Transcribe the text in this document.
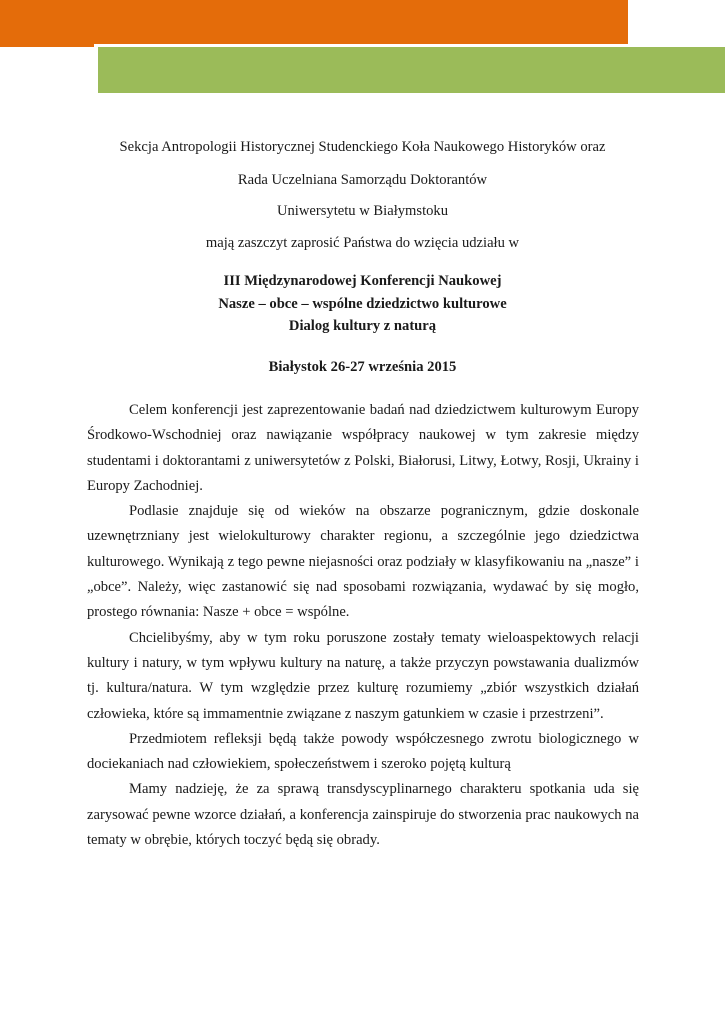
Sekcja Antropologii Historycznej Studenckiego Koła Naukowego Historyków oraz
Rada Uczelniana Samorządu Doktorantów
Uniwersytetu w Białymstoku
mają zaszczyt zaprosić Państwa do wzięcia udziału w
III Międzynarodowej Konferencji Naukowej
Nasze – obce – wspólne dziedzictwo kulturowe
Dialog kultury z naturą
Białystok 26-27 września 2015

Celem konferencji jest zaprezentowanie badań nad dziedzictwem kulturowym Europy Środkowo-Wschodniej oraz nawiązanie współpracy naukowej w tym zakresie między studentami i doktorantami z uniwersytetów z Polski, Białorusi, Litwy, Łotwy, Rosji, Ukrainy i Europy Zachodniej.

Podlasie znajduje się od wieków na obszarze pogranicznym, gdzie doskonale uzewnętrzniany jest wielokulturowy charakter regionu, a szczególnie jego dziedzictwa kulturowego. Wynikają z tego pewne niejasności oraz podziały w klasyfikowaniu na „nasze” i „obce”. Należy, więc zastanowić się nad sposobami rozwiązania, wydawać by się mogło, prostego równania: Nasze + obce = wspólne.

Chcielibyśmy, aby w tym roku poruszone zostały tematy wieloaspektowych relacji kultury i natury, w tym wpływu kultury na naturę, a także przyczyn powstawania dualizmów tj. kultura/natura. W tym względzie przez kulturę rozumiemy „zbiór wszystkich działań człowieka, które są immamentnie związane z naszym gatunkiem w czasie i przestrzeni”.

Przedmiotem refleksji będą także powody współczesnego zwrotu biologicznego w dociekaniach nad człowiekiem, społeczeństwem i szeroko pojętą kulturą

Mamy nadzieję, że za sprawą transdyscyplinarnego charakteru spotkania uda się zarysować pewne wzorce działań, a konferencja zainspiruje do stworzenia prac naukowych na tematy w obrębie, których toczyć będą się obrady.
